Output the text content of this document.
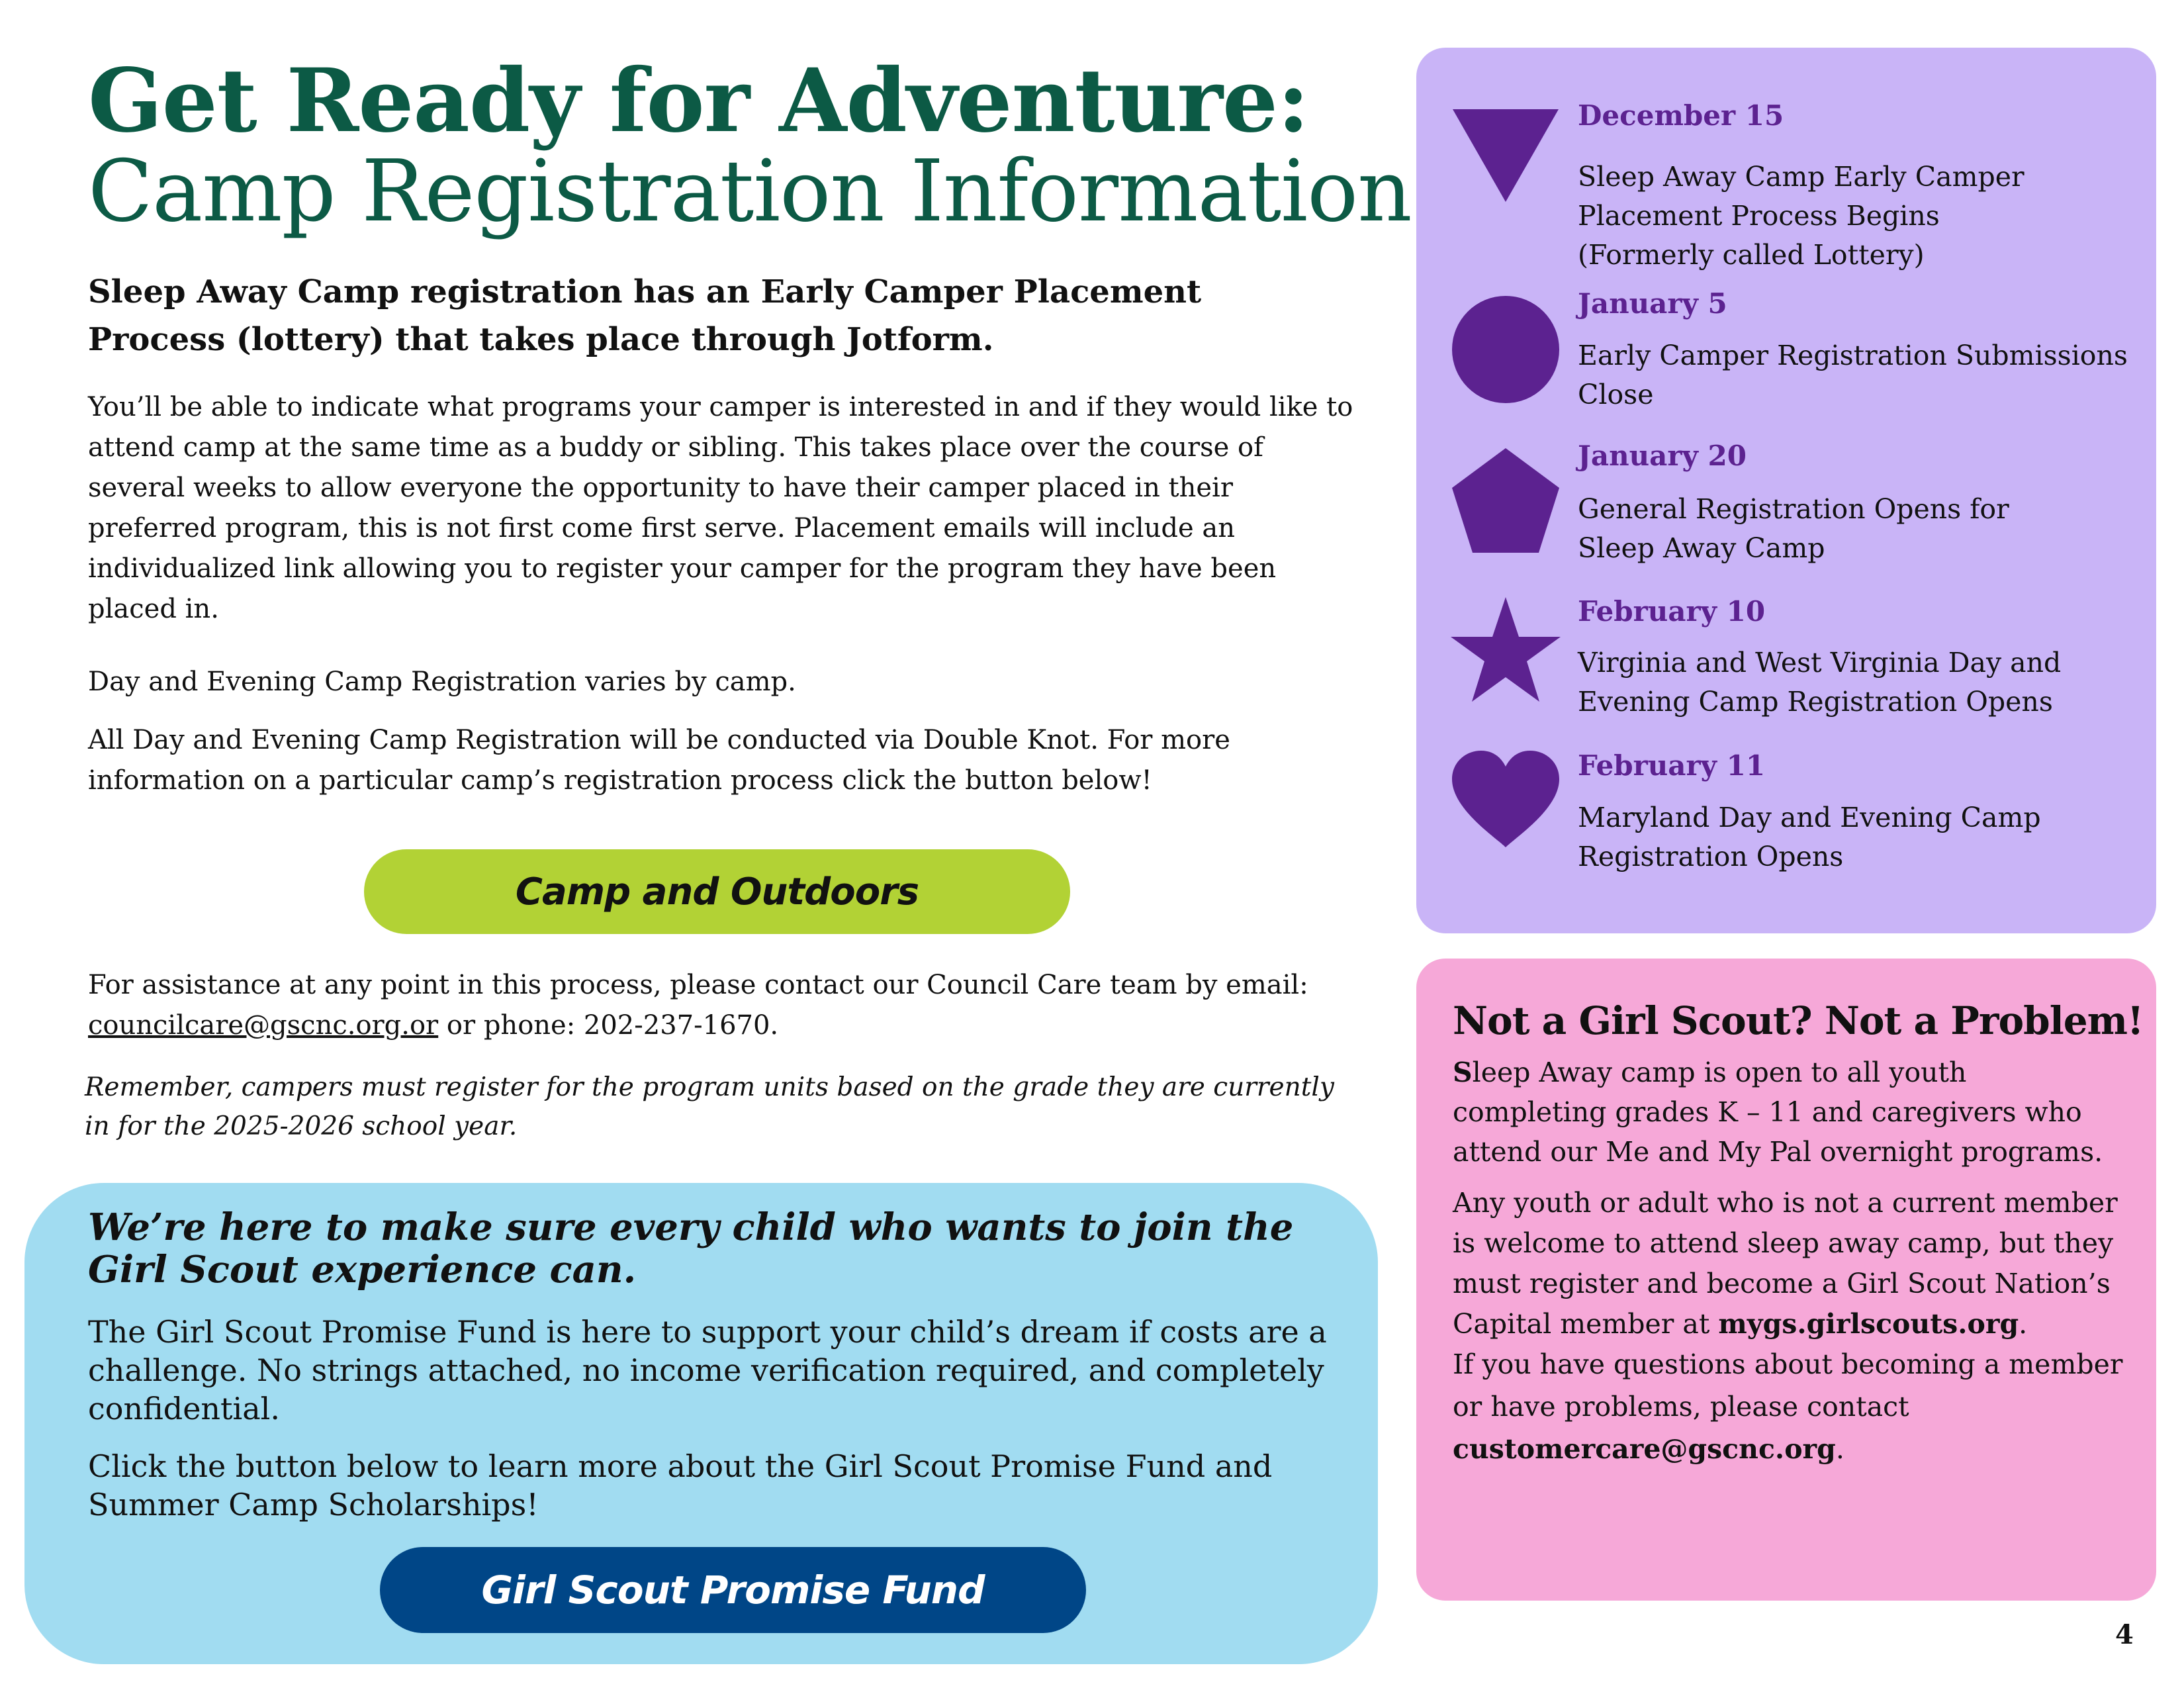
Get Ready for Adventure:
Camp Registration Information
Sleep Away Camp registration has an Early Camper Placement Process (lottery) that takes place through Jotform.
You’ll be able to indicate what programs your camper is interested in and if they would like to attend camp at the same time as a buddy or sibling. This takes place over the course of several weeks to allow everyone the opportunity to have their camper placed in their preferred program, this is not first come first serve. Placement emails will include an individualized link allowing you to register your camper for the program they have been placed in.
Day and Evening Camp Registration varies by camp.
All Day and Evening Camp Registration will be conducted via Double Knot. For more information on a particular camp’s registration process click the button below!
Camp and Outdoors
For assistance at any point in this process, please contact our Council Care team by email: councilcare@gscnc.org.or or phone: 202-237-1670.
Remember, campers must register for the program units based on the grade they are currently in for the 2025-2026 school year.
We’re here to make sure every child who wants to join the Girl Scout experience can.
The Girl Scout Promise Fund is here to support your child’s dream if costs are a challenge. No strings attached, no income verification required, and completely confidential.
Click the button below to learn more about the Girl Scout Promise Fund and Summer Camp Scholarships!
Girl Scout Promise Fund
December 15
Sleep Away Camp Early Camper
Placement Process Begins
(Formerly called Lottery)
January 5
Early Camper Registration Submissions
Close
January 20
General Registration Opens for
Sleep Away Camp
February 10
Virginia and West Virginia Day and
Evening Camp Registration Opens
February 11
Maryland Day and Evening Camp
Registration Opens
Not a Girl Scout? Not a Problem!
Sleep Away camp is open to all youth completing grades K – 11 and caregivers who attend our Me and My Pal overnight programs.
Any youth or adult who is not a current member is welcome to attend sleep away camp, but they must register and become a Girl Scout Nation’s Capital member at mygs.girlscouts.org.
If you have questions about becoming a member or have problems, please contact customercare@gscnc.org.
4
